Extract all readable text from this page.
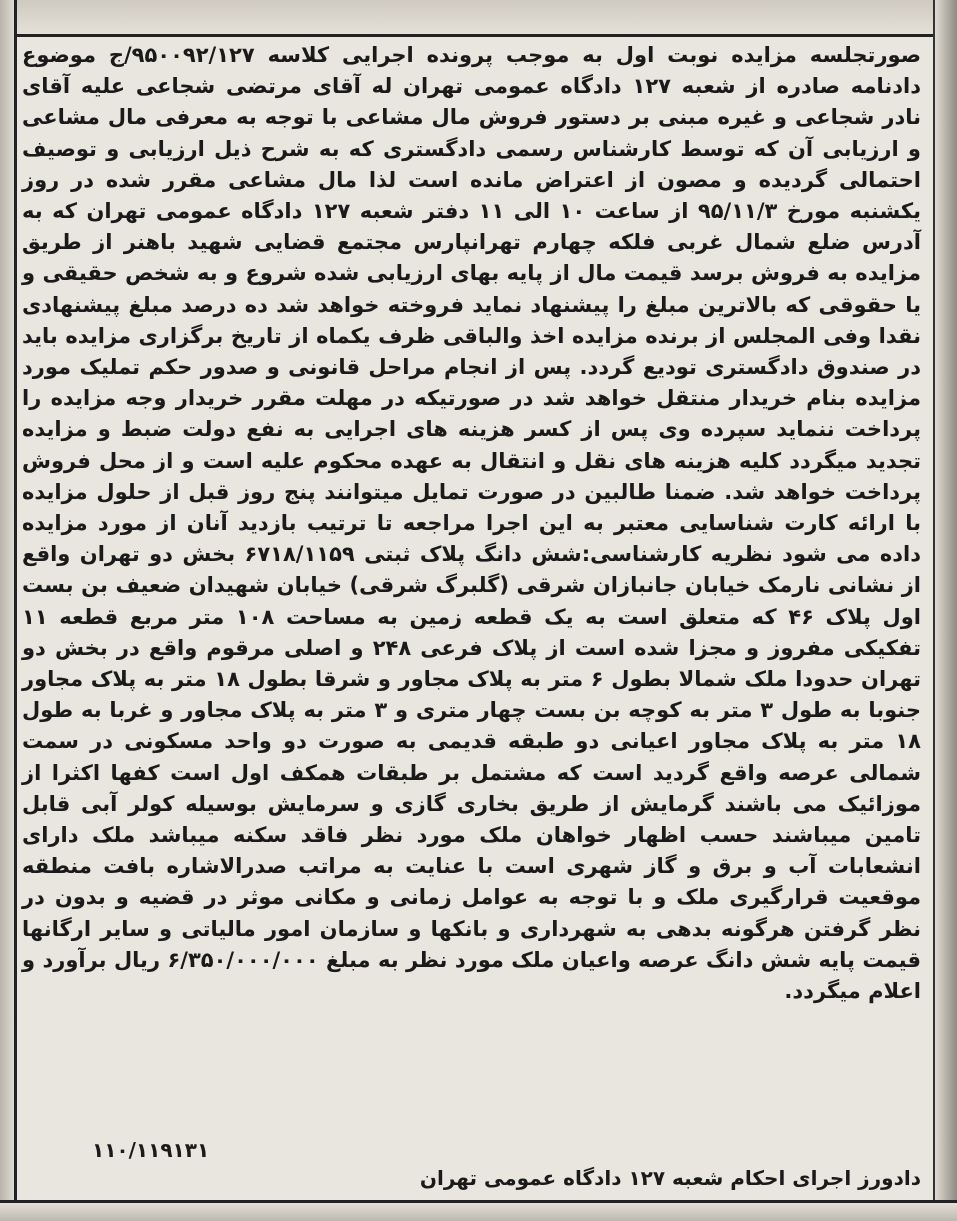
صورتجلسه مزایده نوبت اول به موجب پرونده اجرایی کلاسه ۹۵۰۰۹۲/۱۲۷/ج موضوع دادنامه صادره از شعبه ۱۲۷ دادگاه عمومی تهران له آقای مرتضی شجاعی علیه آقای نادر شجاعی و غیره مبنی بر دستور فروش مال مشاعی با توجه به معرفی مال مشاعی و ارزیابی آن که توسط کارشناس رسمی دادگستری که به شرح ذیل ارزیابی و توصیف احتمالی گردیده و مصون از اعتراض مانده است لذا مال مشاعی مقرر شده در روز یکشنبه مورخ ۹۵/۱۱/۳ از ساعت ۱۰ الی ۱۱ دفتر شعبه ۱۲۷ دادگاه عمومی تهران که به آدرس ضلع شمال غربی فلکه چهارم تهرانپارس مجتمع قضایی شهید باهنر از طریق مزایده به فروش برسد قیمت مال از پایه بهای ارزیابی شده شروع و به شخص حقیقی و یا حقوقی که بالاترین مبلغ را پیشنهاد نماید فروخته خواهد شد ده درصد مبلغ پیشنهادی نقدا وفی المجلس از برنده مزایده اخذ والباقی ظرف یکماه از تاریخ برگزاری مزایده باید در صندوق دادگستری تودیع گردد. پس از انجام مراحل قانونی و صدور حکم تملیک مورد مزایده بنام خریدار منتقل خواهد شد در صورتیکه در مهلت مقرر خریدار وجه مزایده را پرداخت ننماید سپرده وی پس از کسر هزینه های اجرایی به نفع دولت ضبط و مزایده تجدید میگردد کلیه هزینه های نقل و انتقال به عهده محکوم علیه است و از محل فروش پرداخت خواهد شد. ضمنا طالبین در صورت تمایل میتوانند پنج روز قبل از حلول مزایده با ارائه کارت شناسایی معتبر به این اجرا مراجعه تا ترتیب بازدید آنان از مورد مزایده داده می شود نظریه کارشناسی:شش دانگ پلاک ثبتی ۶۷۱۸/۱۱۵۹ بخش دو تهران واقع از نشانی نارمک خیابان جانبازان شرقی (گلبرگ شرقی) خیابان شهیدان ضعیف بن بست اول پلاک ۴۶ که متعلق است به یک قطعه زمین به مساحت ۱۰۸ متر مربع قطعه ۱۱ تفکیکی مفروز و مجزا شده است از پلاک فرعی ۲۴۸ و اصلی مرقوم واقع در بخش دو تهران حدودا ملک شمالا بطول ۶ متر به پلاک مجاور و شرقا بطول ۱۸ متر به پلاک مجاور جنوبا به طول ۳ متر به کوچه بن بست چهار متری و ۳ متر به پلاک مجاور و غربا به طول ۱۸ متر به پلاک مجاور اعیانی دو طبقه قدیمی به صورت دو واحد مسکونی در سمت شمالی عرصه واقع گردید است که مشتمل بر طبقات همکف اول است کفها اکثرا از موزائیک می باشند گرمایش از طریق بخاری گازی و سرمایش بوسیله کولر آبی قابل تامین میباشند حسب اظهار خواهان ملک مورد نظر فاقد سکنه میباشد ملک دارای انشعابات آب و برق و گاز شهری است با عنایت به مراتب صدرالاشاره بافت منطقه موقعیت قرارگیری ملک و با توجه به عوامل زمانی و مکانی موثر در قضیه و بدون در نظر گرفتن هرگونه بدهی به شهرداری و بانکها و سازمان امور مالیاتی و سایر ارگانها قیمت پایه شش دانگ عرصه واعیان ملک مورد نظر به مبلغ ۶/۳۵۰/۰۰۰/۰۰۰ ریال برآورد و اعلام میگردد.
۱۱۰/۱۱۹۱۳۱
دادورز اجرای احکام شعبه ۱۲۷ دادگاه عمومی تهران
